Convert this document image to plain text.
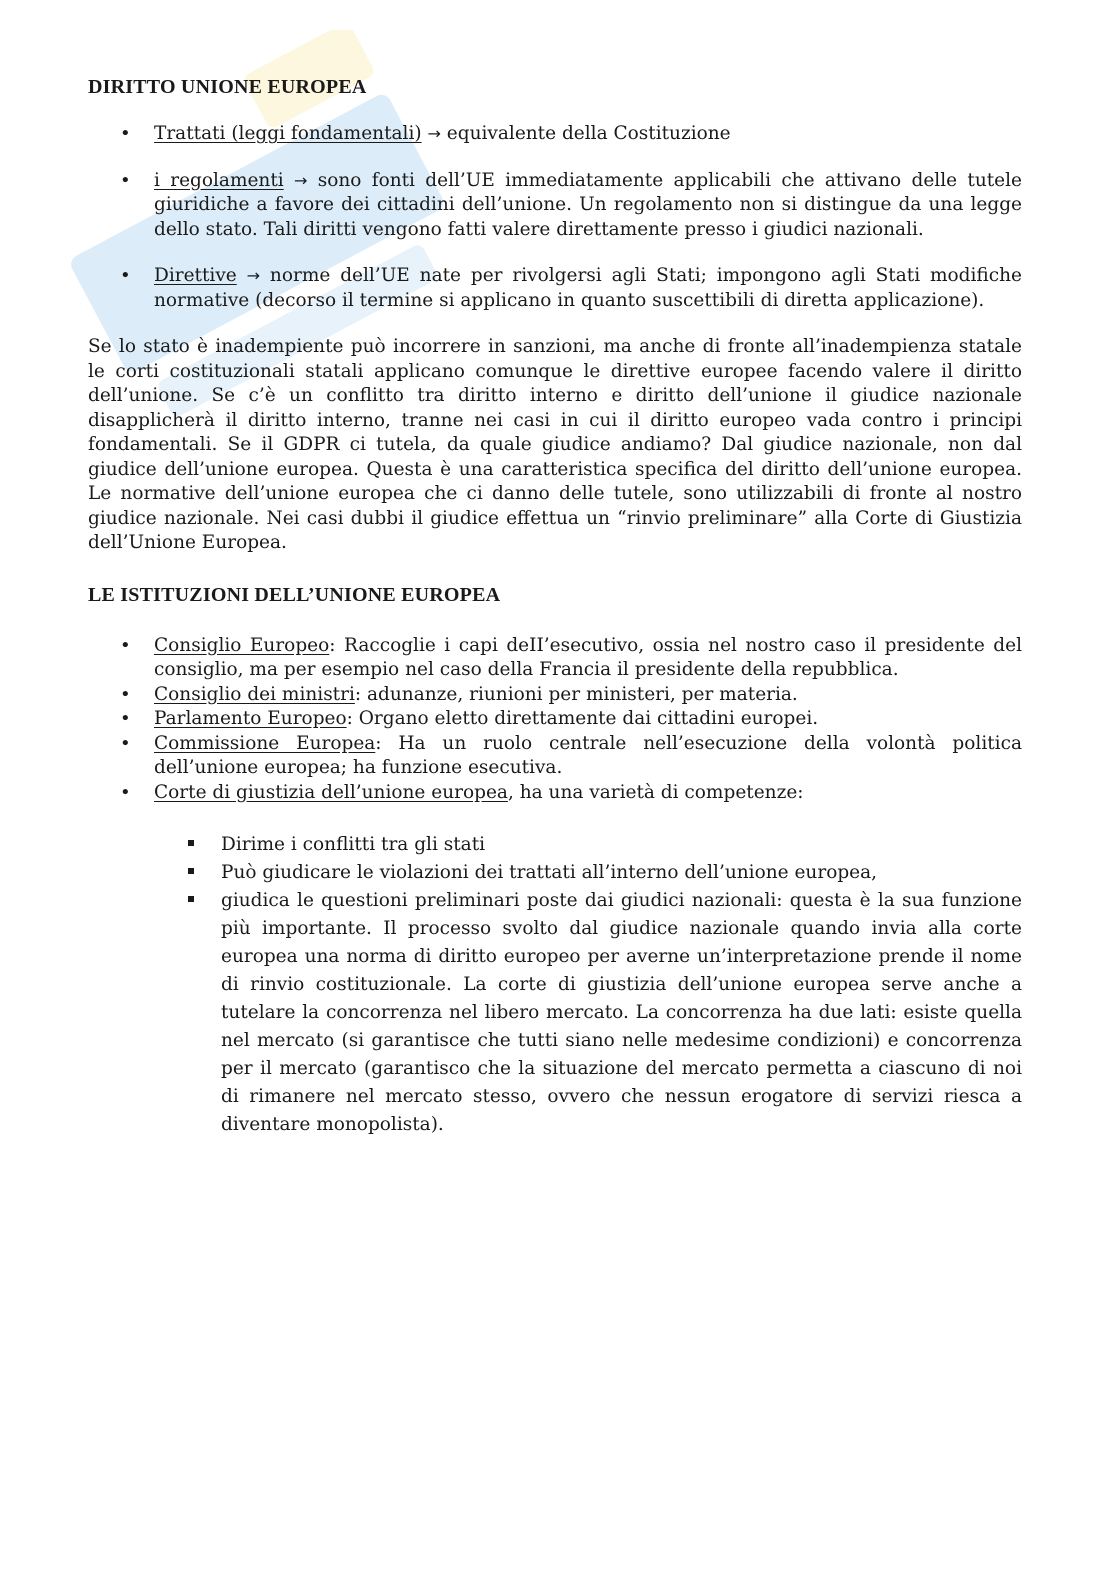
DIRITTO UNIONE EUROPEA
• Trattati (leggi fondamentali) → equivalente della Costituzione
• i regolamenti → sono fonti dell’UE immediatamente applicabili che attivano delle tutele giuridiche a favore dei cittadini dell’unione. Un regolamento non si distingue da una legge dello stato. Tali diritti vengono fatti valere direttamente presso i giudici nazionali.
• Direttive → norme dell’UE nate per rivolgersi agli Stati; impongono agli Stati modifiche normative (decorso il termine si applicano in quanto suscettibili di diretta applicazione).

Se lo stato è inadempiente può incorrere in sanzioni, ma anche di fronte all’inadempienza statale le corti costituzionali statali applicano comunque le direttive europee facendo valere il diritto dell’unione. Se c’è un conflitto tra diritto interno e diritto dell’unione il giudice nazionale disapplicherà il diritto interno, tranne nei casi in cui il diritto europeo vada contro i principi fondamentali. Se il GDPR ci tutela, da quale giudice andiamo? Dal giudice nazionale, non dal giudice dell’unione europea. Questa è una caratteristica specifica del diritto dell’unione europea. Le normative dell’unione europea che ci danno delle tutele, sono utilizzabili di fronte al nostro giudice nazionale. Nei casi dubbi il giudice effettua un “rinvio preliminare” alla Corte di Giustizia dell’Unione Europea.

LE ISTITUZIONI DELL’UNIONE EUROPEA
• Consiglio Europeo: Raccoglie i capi deII’esecutivo, ossia nel nostro caso il presidente del consiglio, ma per esempio nel caso della Francia il presidente della repubblica.
• Consiglio dei ministri: adunanze, riunioni per ministeri, per materia.
• Parlamento Europeo: Organo eletto direttamente dai cittadini europei.
• Commissione Europea: Ha un ruolo centrale nell’esecuzione della volontà politica dell’unione europea; ha funzione esecutiva.
• Corte di giustizia dell’unione europea, ha una varietà di competenze:
Dirime i conflitti tra gli stati
Può giudicare le violazioni dei trattati all’interno dell’unione europea,
giudica le questioni preliminari poste dai giudici nazionali: questa è la sua funzione più importante. Il processo svolto dal giudice nazionale quando invia alla corte europea una norma di diritto europeo per averne un’interpretazione prende il nome di rinvio costituzionale. La corte di giustizia dell’unione europea serve anche a tutelare la concorrenza nel libero mercato. La concorrenza ha due lati: esiste quella nel mercato (si garantisce che tutti siano nelle medesime condizioni) e concorrenza per il mercato (garantisco che la situazione del mercato permetta a ciascuno di noi di rimanere nel mercato stesso, ovvero che nessun erogatore di servizi riesca a diventare monopolista).
